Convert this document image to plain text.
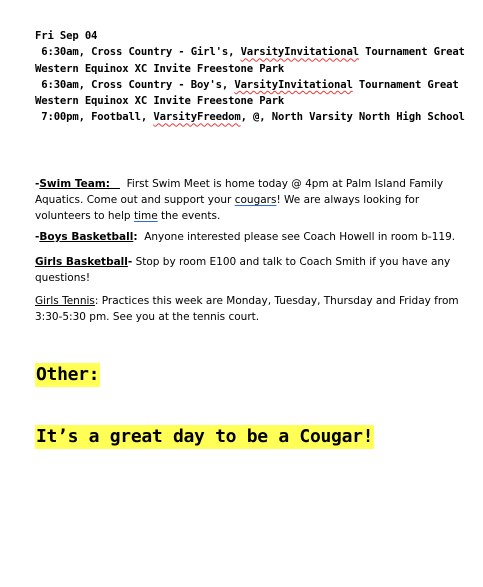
Fri Sep 04
6:30am, Cross Country - Girl's, VarsityInvitational Tournament Great
Western Equinox XC Invite Freestone Park
6:30am, Cross Country - Boy's, VarsityInvitational Tournament Great
Western Equinox XC Invite Freestone Park
7:00pm, Football, VarsityFreedom, @, North Varsity North High School
-Swim Team: First Swim Meet is home today @ 4pm at Palm Island Family Aquatics. Come out and support your cougars! We are always looking for volunteers to help time the events.
-Boys Basketball: Anyone interested please see Coach Howell in room b-119.
Girls Basketball- Stop by room E100 and talk to Coach Smith if you have any questions!
Girls Tennis: Practices this week are Monday, Tuesday, Thursday and Friday from 3:30-5:30 pm. See you at the tennis court.
Other:
It’s a great day to be a Cougar!
